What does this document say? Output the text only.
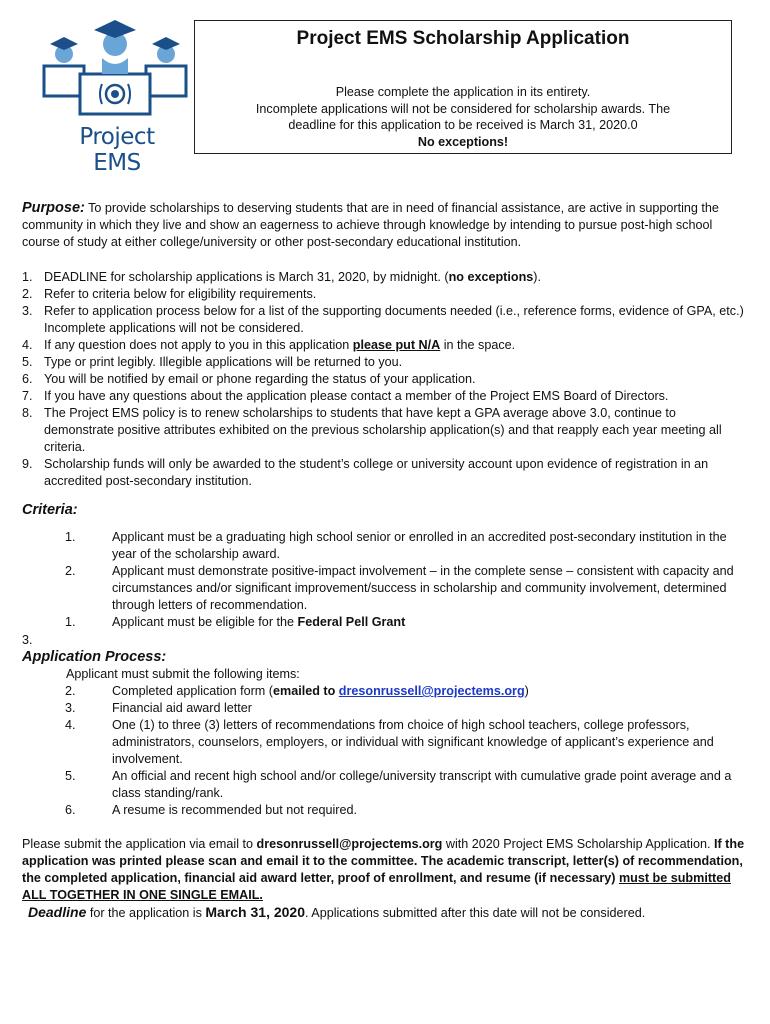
Project EMS
Project EMS Scholarship Application
Please complete the application in its entirety.
Incomplete applications will not be considered for scholarship awards. The
deadline for this application to be received is March 31, 2020.0
No exceptions!

Purpose: To provide scholarships to deserving students that are in need of financial assistance, are active in supporting the community in which they live and show an eagerness to achieve through knowledge by intending to pursue post-high school course of study at either college/university or other post-secondary educational institution.

1. DEADLINE for scholarship applications is March 31, 2020, by midnight. (no exceptions).
2. Refer to criteria below for eligibility requirements.
3. Refer to application process below for a list of the supporting documents needed (i.e., reference forms, evidence of GPA, etc.) Incomplete applications will not be considered.
4. If any question does not apply to you in this application please put N/A in the space.
5. Type or print legibly. Illegible applications will be returned to you.
6. You will be notified by email or phone regarding the status of your application.
7. If you have any questions about the application please contact a member of the Project EMS Board of Directors.
8. The Project EMS policy is to renew scholarships to students that have kept a GPA average above 3.0, continue to demonstrate positive attributes exhibited on the previous scholarship application(s) and that reapply each year meeting all criteria.
9. Scholarship funds will only be awarded to the student’s college or university account upon evidence of registration in an accredited post-secondary institution.
Criteria:
1.	Applicant must be a graduating high school senior or enrolled in an accredited post-secondary institution in the year of the scholarship award.
2.	Applicant must demonstrate positive-impact involvement – in the complete sense – consistent with capacity and circumstances and/or significant improvement/success in scholarship and community involvement, determined through letters of recommendation.
1.	Applicant must be eligible for the Federal Pell Grant
3.
Application Process:
Applicant must submit the following items:
2.	Completed application form (emailed to dresonrussell@projectems.org)
3.	Financial aid award letter
4.	One (1) to three (3) letters of recommendations from choice of high school teachers, college professors, administrators, counselors, employers, or individual with significant knowledge of applicant’s experience and involvement.
5.	An official and recent high school and/or college/university transcript with cumulative grade point average and a class standing/rank.
6.	A resume is recommended but not required.

Please submit the application via email to dresonrussell@projectems.org with 2020 Project EMS Scholarship Application. If the application was printed please scan and email it to the committee. The academic transcript, letter(s) of recommendation, the completed application, financial aid award letter, proof of enrollment, and resume (if necessary) must be submitted ALL TOGETHER IN ONE SINGLE EMAIL.

Deadline for the application is March 31, 2020. Applications submitted after this date will not be considered.
